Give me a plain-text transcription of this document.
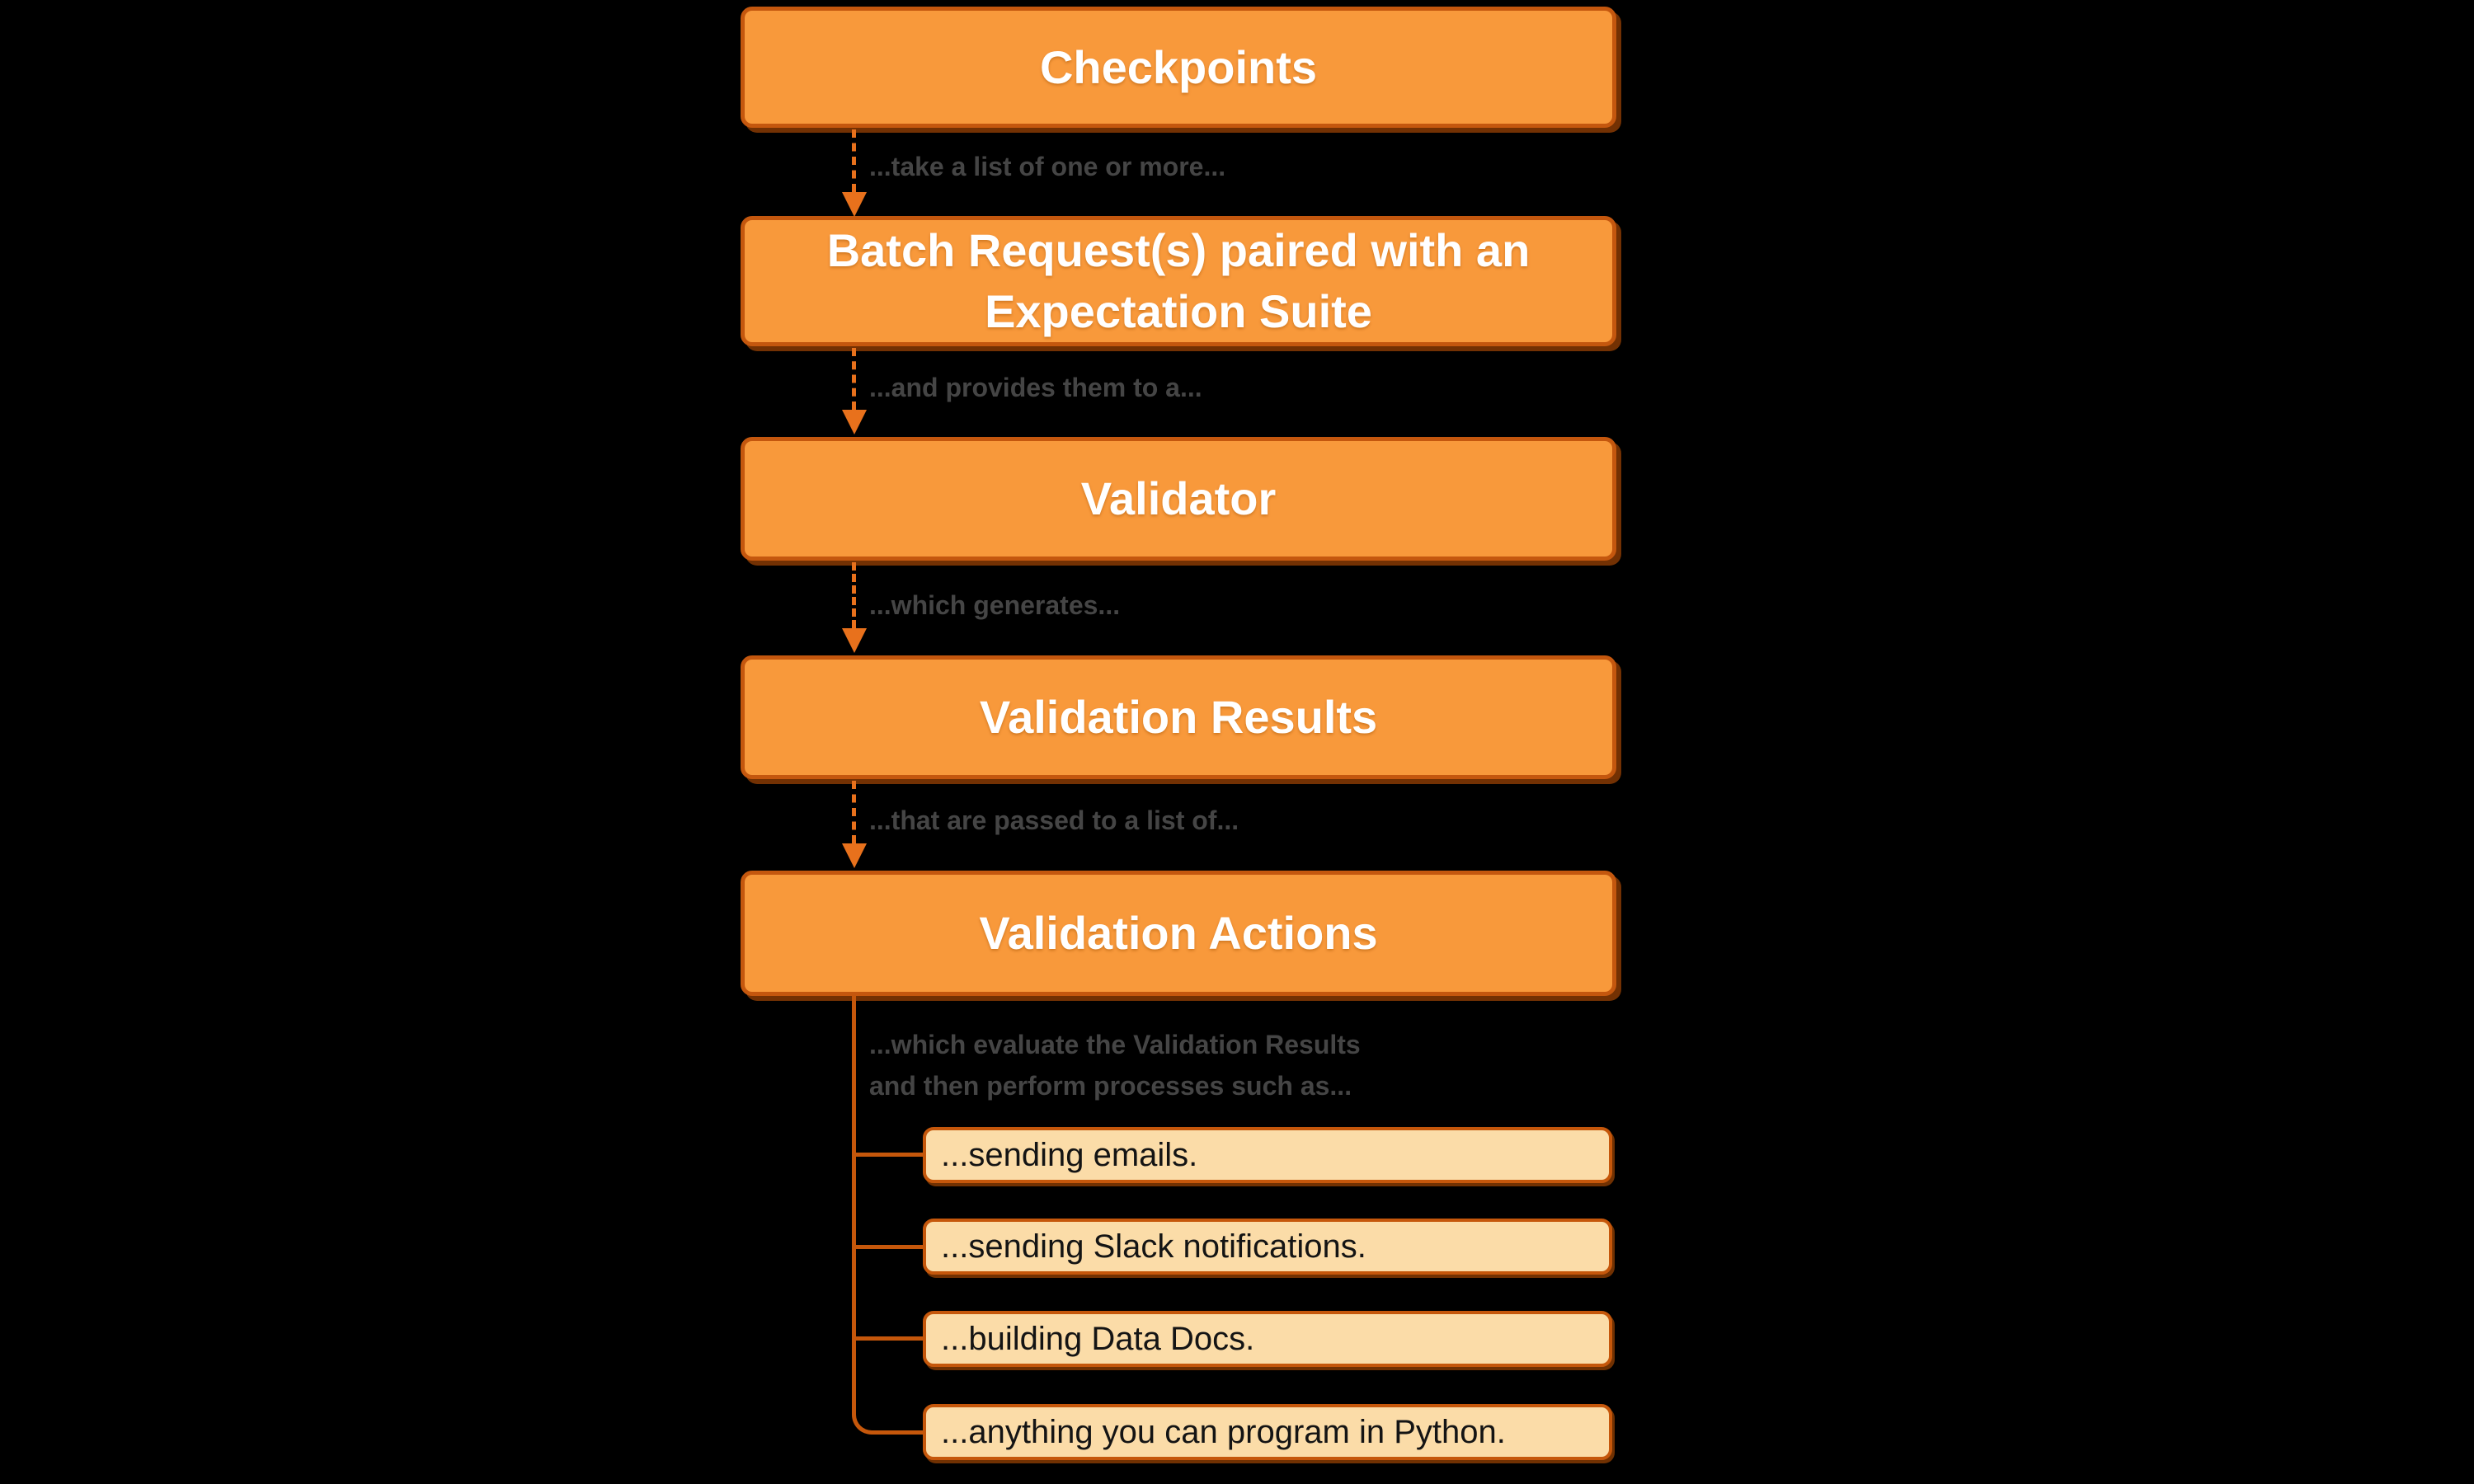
Checkpoints
Batch Request(s) paired with an Expectation Suite
Validator
Validation Results
Validation Actions
...take a list of one or more...
...and provides them to a...
...which generates...
...that are passed to a list of...
...which evaluate the Validation Results
and then perform processes such as...
...sending emails.
...sending Slack notifications.
...building Data Docs.
...anything you can program in Python.
